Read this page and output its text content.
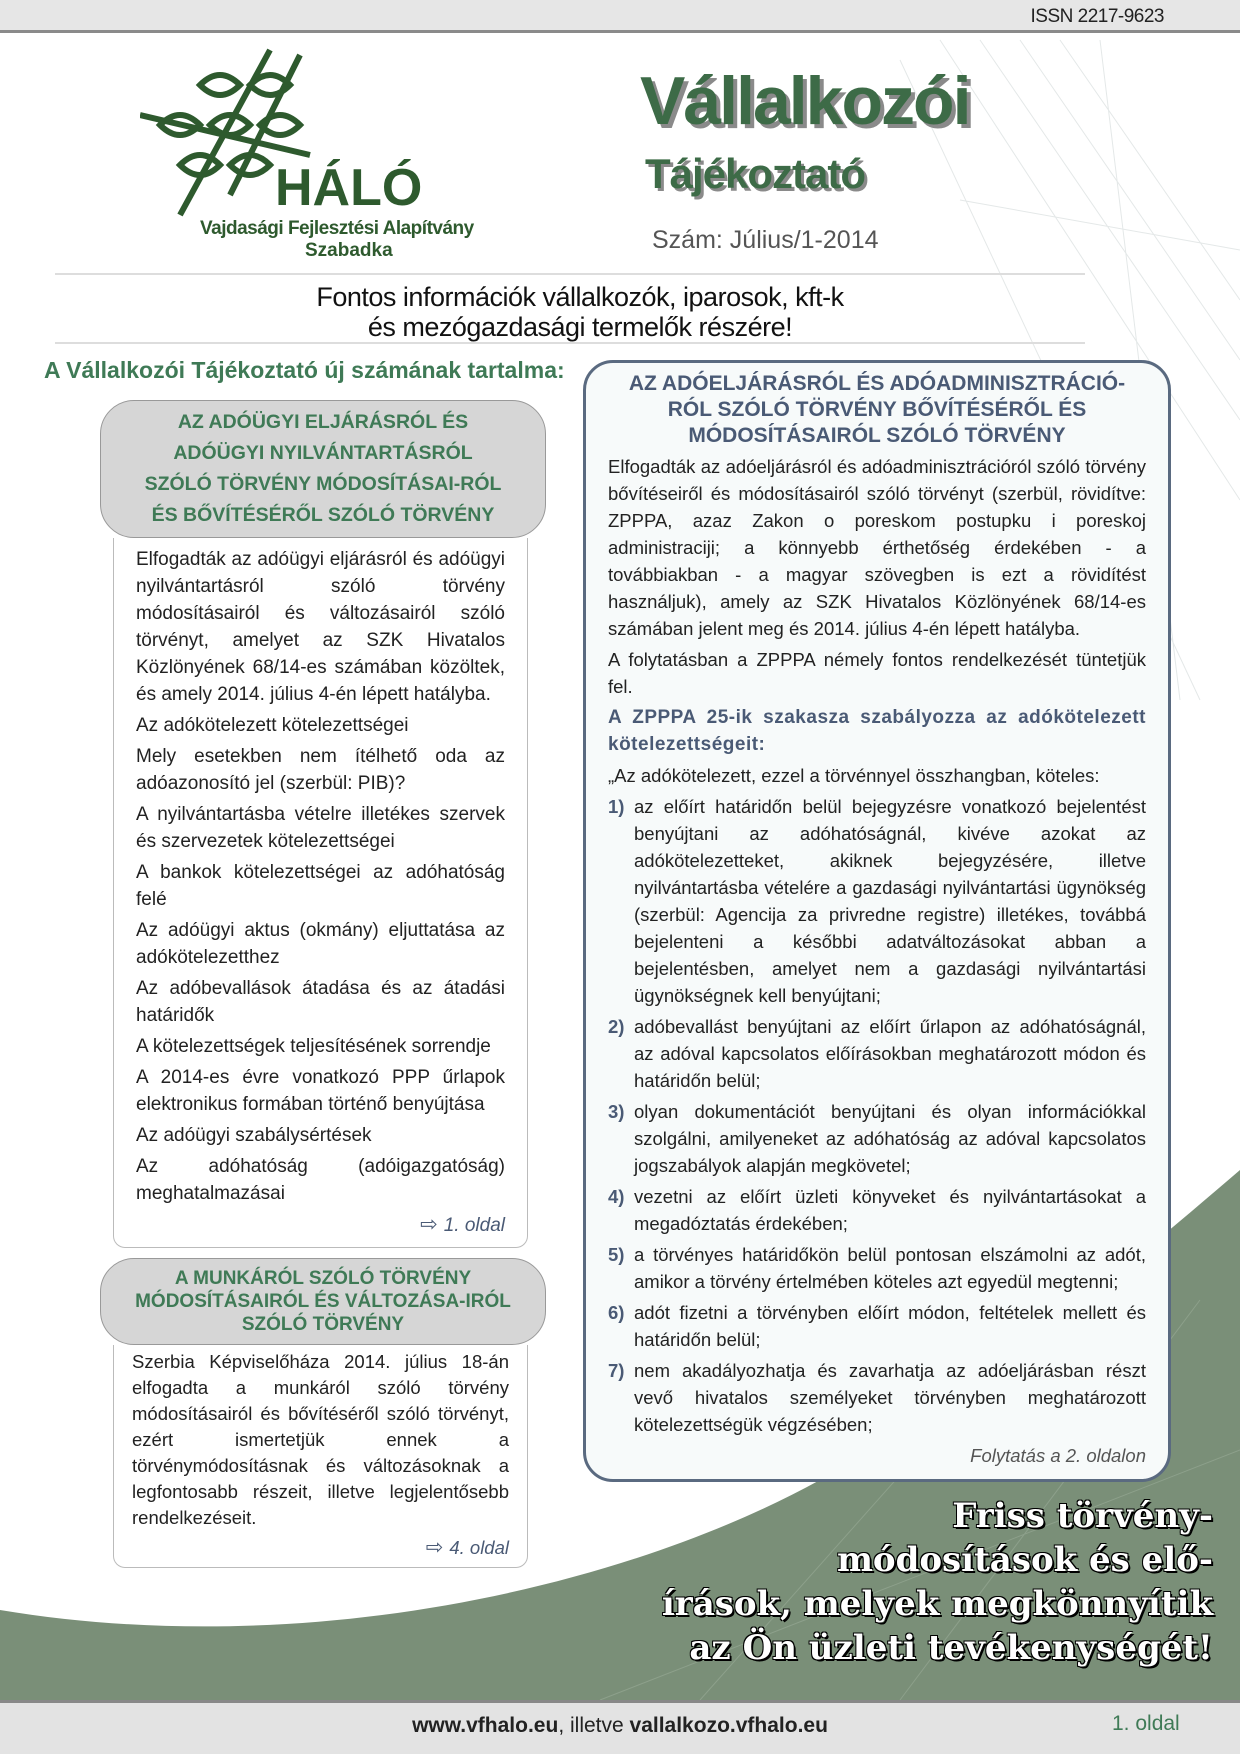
ISSN 2217-9623
HÁLÓ
Vajdasági Fejlesztési Alapítvány
Szabadka
Vállalkozói
Tájékoztató
Szám: Július/1-2014
Fontos információk vállalkozók, iparosok, kft-k
és mezógazdasági termelők részére!
A Vállalkozói Tájékoztató új számának tartalma:
AZ ADÓÜGYI ELJÁRÁSRÓL ÉS ADÓÜGYI NYILVÁNTARTÁSRÓL SZÓLÓ TÖRVÉNY MÓDOSÍTÁSAI-RÓL ÉS BŐVÍTÉSÉRŐL SZÓLÓ TÖRVÉNY

Elfogadták az adóügyi eljárásról és adóügyi nyilvántartásról szóló törvény módosításairól és változásairól szóló törvényt, amelyet az SZK Hivatalos Közlönyének 68/14-es számában közöltek, és amely 2014. július 4-én lépett hatályba.

Az adókötelezett kötelezettségei

Mely esetekben nem ítélhető oda az adóazonosító jel (szerbül: PIB)?

A nyilvántartásba vételre illetékes szervek és szervezetek kötelezettségei

A bankok kötelezettségei az adóhatóság felé

Az adóügyi aktus (okmány) eljuttatása az adókötelezetthez

Az adóbevallások átadása és az átadási határidők

A kötelezettségek teljesítésének sorrendje

A 2014-es évre vonatkozó PPP űrlapok elektronikus formában történő benyújtása

Az adóügyi szabálysértések

Az adóhatóság (adóigazgatóság) meghatalmazásai

⇨ 1. oldal
A MUNKÁRÓL SZÓLÓ TÖRVÉNY MÓDOSÍTÁSAIRÓL ÉS VÁLTOZÁSA-IRÓL SZÓLÓ TÖRVÉNY

Szerbia Képviselőháza 2014. július 18-án elfogadta a munkáról szóló törvény módosításairól és bővítéséről szóló törvényt, ezért ismertetjük ennek a törvénymódosításnak és változásoknak a legfontosabb részeit, illetve legjelentősebb rendelkezéseit.

⇨ 4. oldal
AZ ADÓELJÁRÁSRÓL ÉS ADÓADMINISZTRÁCIÓ-RÓL SZÓLÓ TÖRVÉNY BŐVÍTÉSÉRŐL ÉS MÓDOSÍTÁSAIRÓL SZÓLÓ TÖRVÉNY

Elfogadták az adóeljárásról és adóadminisztrációról szóló törvény bővítéseiről és módosításairól szóló törvényt (szerbül, rövidítve: ZPPPA, azaz Zakon o poreskom postupku i poreskoj administraciji; a könnyebb érthetőség érdekében - a továbbiakban - a magyar szövegben is ezt a rövidítést használjuk), amely az SZK Hivatalos Közlönyének 68/14-es számában jelent meg és 2014. július 4-én lépett hatályba.

A folytatásban a ZPPPA némely fontos rendelkezését tüntetjük fel.

A ZPPPA 25-ik szakasza szabályozza az adókötelezett kötelezettségeit:

„Az adókötelezett, ezzel a törvénnyel összhangban, köteles:

1) az előírt határidőn belül bejegyzésre vonatkozó bejelentést benyújtani az adóhatóságnál, kivéve azokat az adókötelezetteket, akiknek bejegyzésére, illetve nyilvántartásba vételére a gazdasági nyilvántartási ügynökség (szerbül: Agencija za privredne registre) illetékes, továbbá bejelenteni a későbbi adatváltozásokat abban a bejelentésben, amelyet nem a gazdasági nyilvántartási ügynökségnek kell benyújtani;
2) adóbevallást benyújtani az előírt űrlapon az adóhatóságnál, az adóval kapcsolatos előírásokban meghatározott módon és határidőn belül;
3) olyan dokumentációt benyújtani és olyan információkkal szolgálni, amilyeneket az adóhatóság az adóval kapcsolatos jogszabályok alapján megkövetel;
4) vezetni az előírt üzleti könyveket és nyilvántartásokat a megadóztatás érdekében;
5) a törvényes határidőkön belül pontosan elszámolni az adót, amikor a törvény értelmében köteles azt egyedül megtenni;
6) adót fizetni a törvényben előírt módon, feltételek mellett és határidőn belül;
7) nem akadályozhatja és zavarhatja az adóeljárásban részt vevő hivatalos személyeket törvényben meghatározott kötelezettségük végzésében;
Folytatás a 2. oldalon
Friss törvény-
módosítások és elő-
írások, melyek megkönnyítik
az Ön üzleti tevékenységét!
www.vfhalo.eu, illetve vallalkozo.vfhalo.eu	1. oldal
